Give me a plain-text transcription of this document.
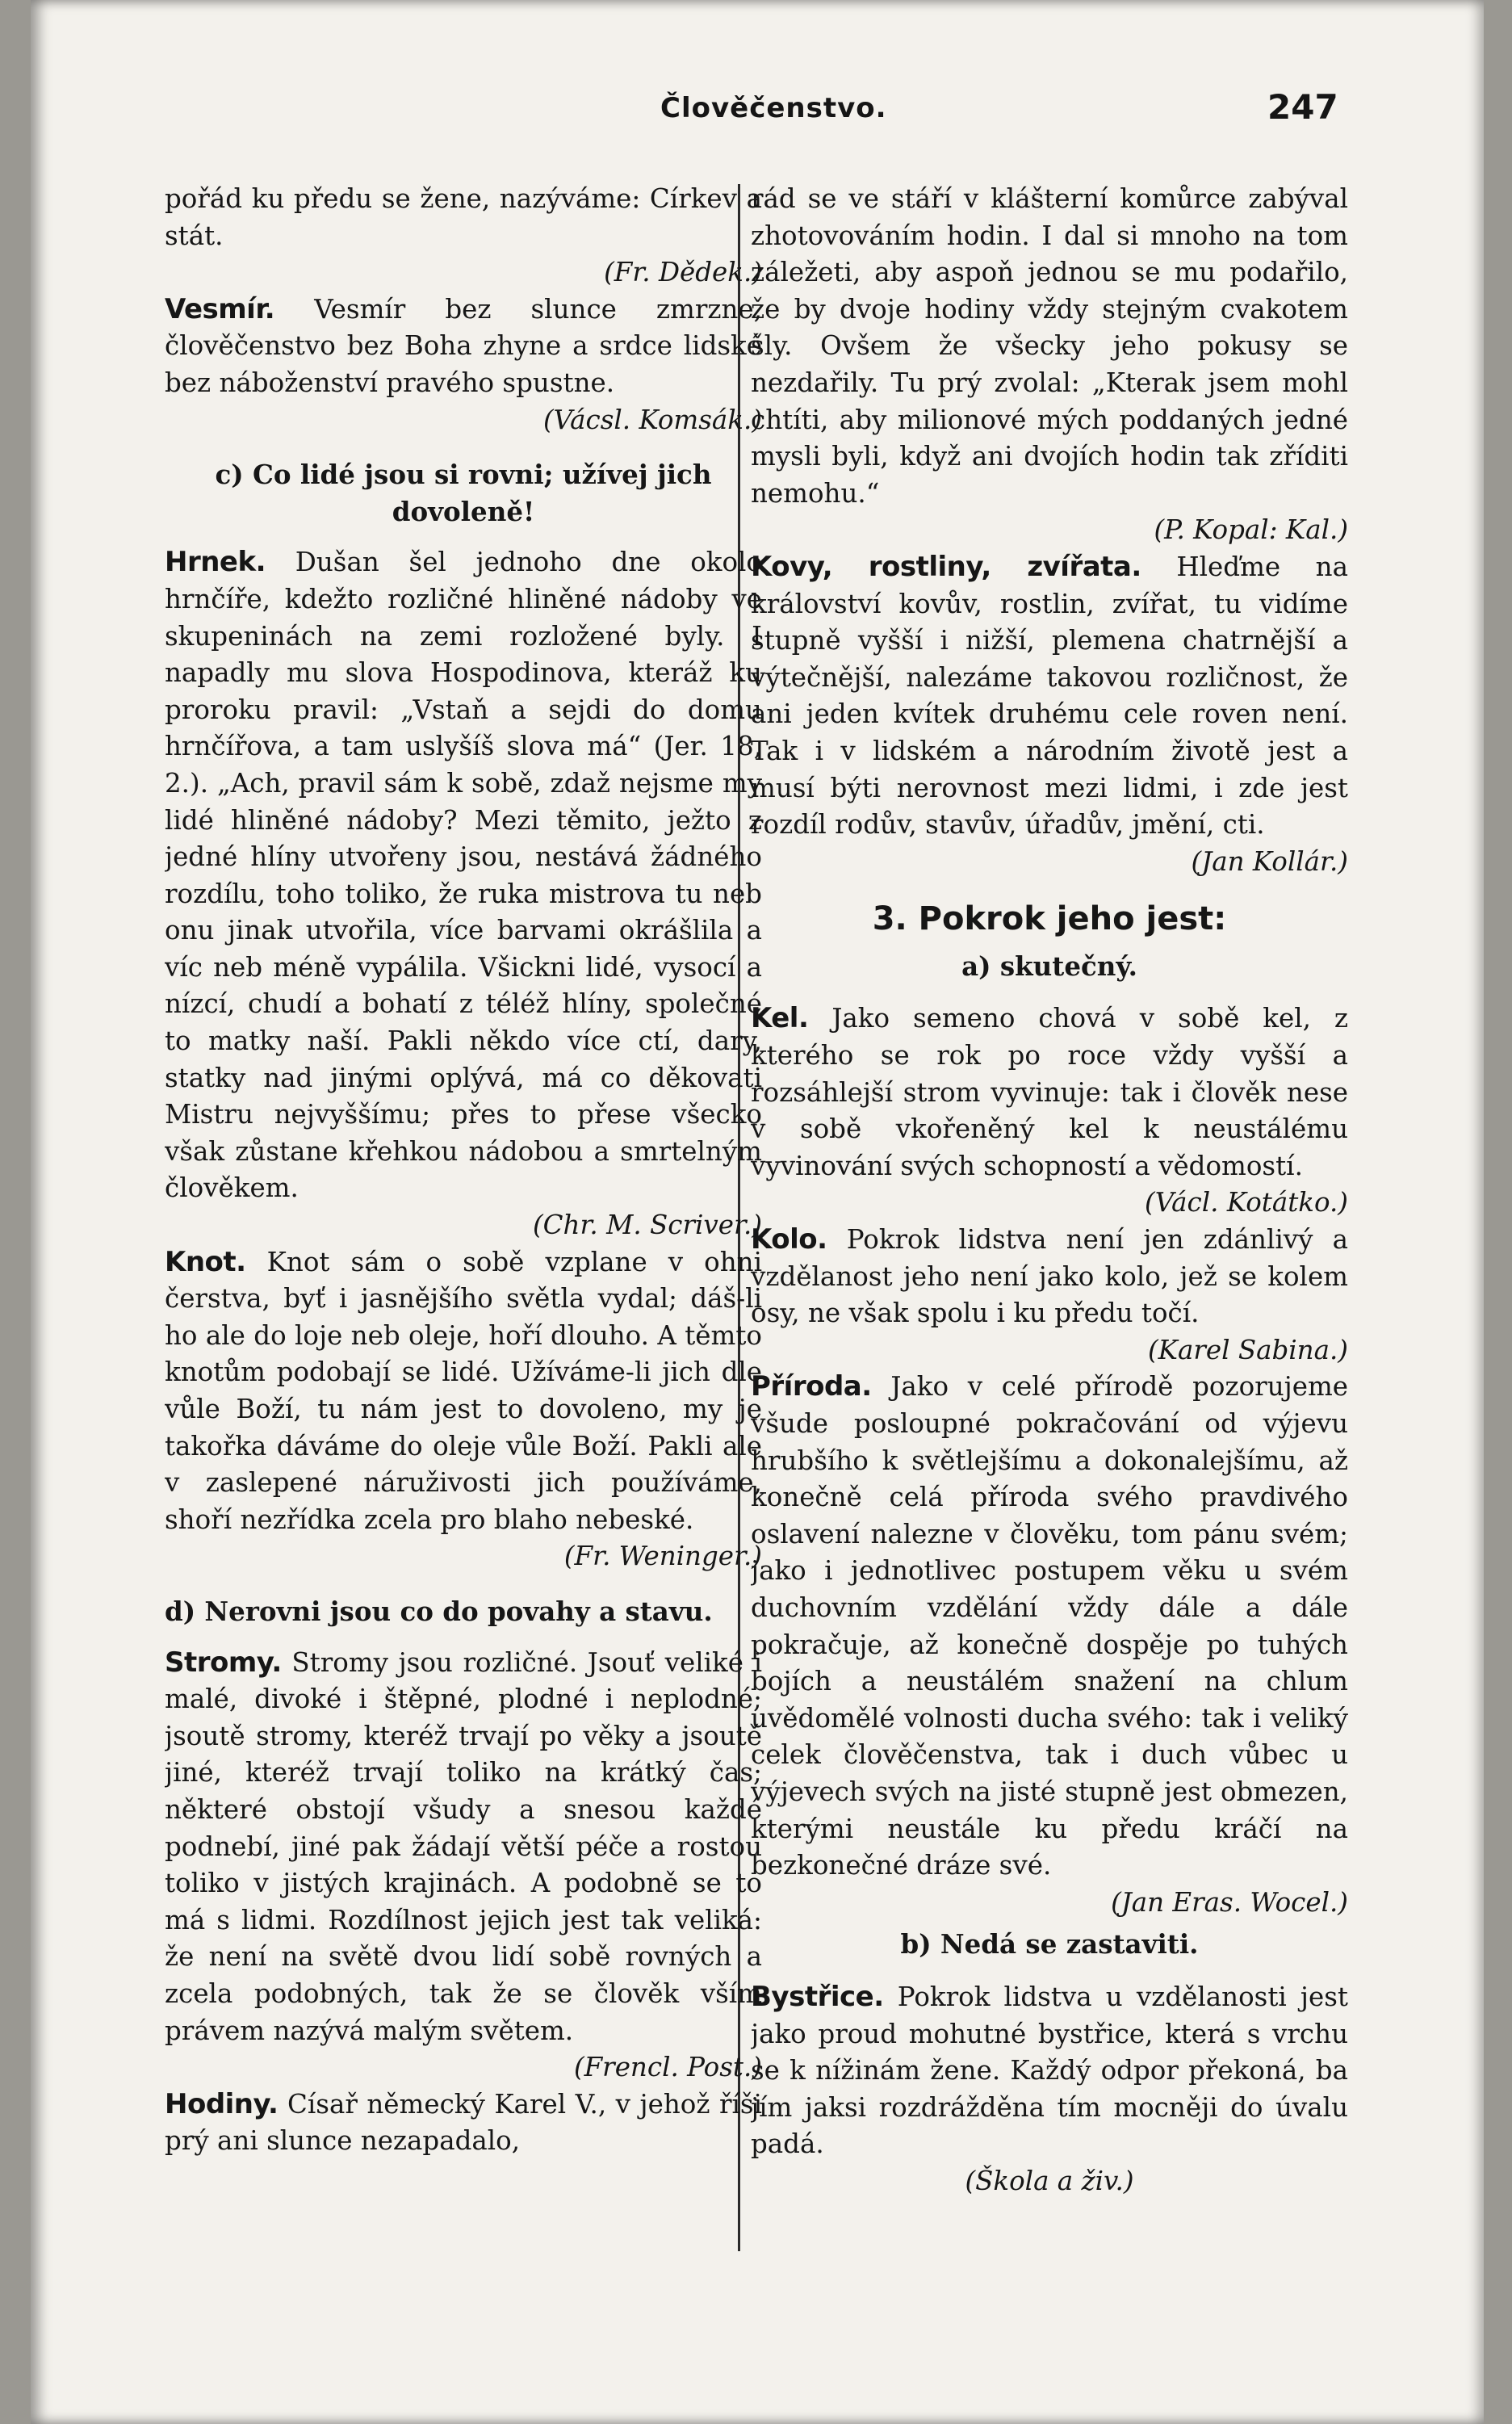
Člověčenstvo.	247

pořád ku předu se žene, nazýváme: Církev a stát.
(Fr. Dědek.)

Vesmír. Vesmír bez slunce zmrzne, člověčenstvo bez Boha zhyne a srdce lidské bez náboženství pravého spustne.
(Vácsl. Komsák.)

c) Co lidé jsou si rovni; užívej jich dovoleně!

Hrnek. Dušan šel jednoho dne okolo hrnčíře, kdežto rozličné hliněné nádoby ve skupeninách na zemi rozložené byly. I napadly mu slova Hospodinova, kteráž ku proroku pravil: „Vstaň a sejdi do domu hrnčířova, a tam uslyšíš slova má“ (Jer. 18, 2.). „Ach, pravil sám k sobě, zdaž nejsme my lidé hliněné nádoby? Mezi těmito, ježto z jedné hlíny utvořeny jsou, nestává žádného rozdílu, toho toliko, že ruka mistrova tu neb onu jinak utvořila, více barvami okrášlila a víc neb méně vypálila. Všickni lidé, vysocí a nízcí, chudí a bohatí z téléž hlíny, společné to matky naší. Pakli někdo více ctí, dary, statky nad jinými oplývá, má co děkovati Mistru nejvyššímu; přes to přese všecko však zůstane křehkou nádobou a smrtelným člověkem.
(Chr. M. Scriver.)

Knot. Knot sám o sobě vzplane v ohni čerstva, byť i jasnějšího světla vydal; dáš-li ho ale do loje neb oleje, hoří dlouho. A těmto knotům podobají se lidé. Užíváme-li jich dle vůle Boží, tu nám jest to dovoleno, my je takořka dáváme do oleje vůle Boží. Pakli ale v zaslepené náruživosti jich používáme, shoří nezřídka zcela pro blaho nebeské.
(Fr. Weninger.)

d) Nerovni jsou co do povahy a stavu.

Stromy. Stromy jsou rozličné. Jsouť veliké i malé, divoké i štěpné, plodné i neplodné; jsoutě stromy, kteréž trvají po věky a jsoutě jiné, kteréž trvají toliko na krátký čas; některé obstojí všudy a snesou každé podnebí, jiné pak žádají větší péče a rostou toliko v jistých krajinách. A podobně se to má s lidmi. Rozdílnost jejich jest tak veliká: že není na světě dvou lidí sobě rovných a zcela podobných, tak že se člověk vším právem nazývá malým světem.
(Frencl. Post.)

Hodiny. Císař německý Karel V., v jehož říši prý ani slunce nezapadalo,

rád se ve stáří v klášterní komůrce zabýval zhotovováním hodin. I dal si mnoho na tom záležeti, aby aspoň jednou se mu podařilo, že by dvoje hodiny vždy stejným cvakotem šly. Ovšem že všecky jeho pokusy se nezdařily. Tu prý zvolal: „Kterak jsem mohl chtíti, aby milionové mých poddaných jedné mysli byli, když ani dvojích hodin tak zříditi nemohu.“
(P. Kopal: Kal.)

Kovy, rostliny, zvířata. Hleďme na království kovův, rostlin, zvířat, tu vidíme stupně vyšší i nižší, plemena chatrnější a výtečnější, nalezáme takovou rozličnost, že ani jeden kvítek druhému cele roven není. Tak i v lidském a národním životě jest a musí býti nerovnost mezi lidmi, i zde jest rozdíl rodův, stavův, úřadův, jmění, cti.
(Jan Kollár.)

3. Pokrok jeho jest:
a) skutečný.

Kel. Jako semeno chová v sobě kel, z kterého se rok po roce vždy vyšší a rozsáhlejší strom vyvinuje: tak i člověk nese v sobě vkořeněný kel k neustálému vyvinování svých schopností a vědomostí.
(Václ. Kotátko.)

Kolo. Pokrok lidstva není jen zdánlivý a vzdělanost jeho není jako kolo, jež se kolem osy, ne však spolu i ku předu točí.
(Karel Sabina.)

Příroda. Jako v celé přírodě pozorujeme všude posloupné pokračování od výjevu hrubšího k světlejšímu a dokonalejšímu, až konečně celá příroda svého pravdivého oslavení nalezne v člověku, tom pánu svém; jako i jednotlivec postupem věku u svém duchovním vzdělání vždy dále a dále pokračuje, až konečně dospěje po tuhých bojích a neustálém snažení na chlum uvědomělé volnosti ducha svého: tak i veliký celek člověčenstva, tak i duch vůbec u výjevech svých na jisté stupně jest obmezen, kterými neustále ku předu kráčí na bezkonečné dráze své.
(Jan Eras. Wocel.)

b) Nedá se zastaviti.

Bystřice. Pokrok lidstva u vzdělanosti jest jako proud mohutné bystřice, která s vrchu se k nížinám žene. Každý odpor překoná, ba jím jaksi rozdrážděna tím mocněji do úvalu padá.
(Škola a živ.)
